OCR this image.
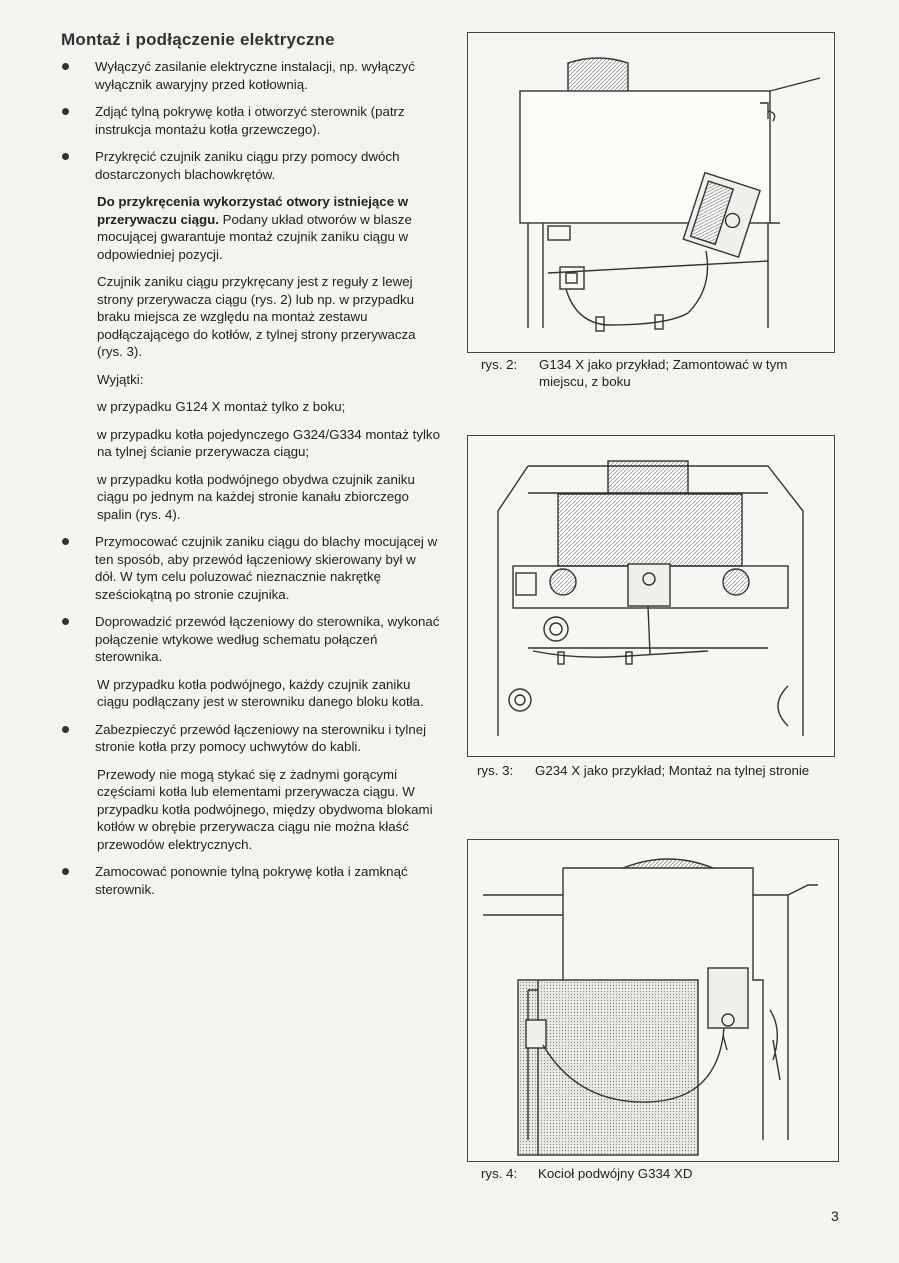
Montaż i podłączenie elektryczne
Wyłączyć zasilanie elektryczne instalacji, np. wyłączyć wyłącznik awaryjny przed kotłownią.
Zdjąć tylną pokrywę kotła i otworzyć sterownik (patrz instrukcja montażu kotła grzewczego).
Przykręcić czujnik zaniku ciągu przy pomocy dwóch dostarczonych blachowkrętów.
Do przykręcenia wykorzystać otwory istniejące w przerywaczu ciągu. Podany układ otworów w blasze mocującej gwarantuje montaż czujnik zaniku ciągu w odpowiedniej pozycji.
Czujnik zaniku ciągu przykręcany jest z reguły z lewej strony przerywacza ciągu (rys. 2) lub np. w przypadku braku miejsca ze względu na montaż zestawu podłączającego do kotłów, z tylnej strony przerywacza (rys. 3).
Wyjątki:
w przypadku G124 X montaż tylko z boku;
w przypadku kotła pojedynczego G324/G334 montaż tylko na tylnej ścianie przerywacza ciągu;
w przypadku kotła podwójnego obydwa czujnik zaniku ciągu po jednym na każdej stronie kanału zbiorczego spalin (rys. 4).
Przymocować czujnik zaniku ciągu do blachy mocującej w ten sposób, aby przewód łączeniowy skierowany był w dół. W tym celu poluzować nieznacznie nakrętkę sześciokątną po stronie czujnika.
Doprowadzić przewód łączeniowy do sterownika, wykonać połączenie wtykowe według schematu połączeń sterownika.
W przypadku kotła podwójnego, każdy czujnik zaniku ciągu podłączany jest w sterowniku danego bloku kotła.
Zabezpieczyć przewód łączeniowy na sterowniku i tylnej stronie kotła przy pomocy uchwytów do kabli.
Przewody nie mogą stykać się z żadnymi gorącymi częściami kotła lub elementami przerywacza ciągu. W przypadku kotła podwójnego, między obydwoma blokami kotłów w obrębie przerywacza ciągu nie można kłaść przewodów elektrycznych.
Zamocować ponownie tylną pokrywę kotła i zamknąć sterownik.
rys. 2: G134 X jako przykład; Zamontować w tym miejscu, z boku
rys. 3: G234 X jako przykład; Montaż na tylnej stronie
rys. 4: Kocioł podwójny G334 XD
3
